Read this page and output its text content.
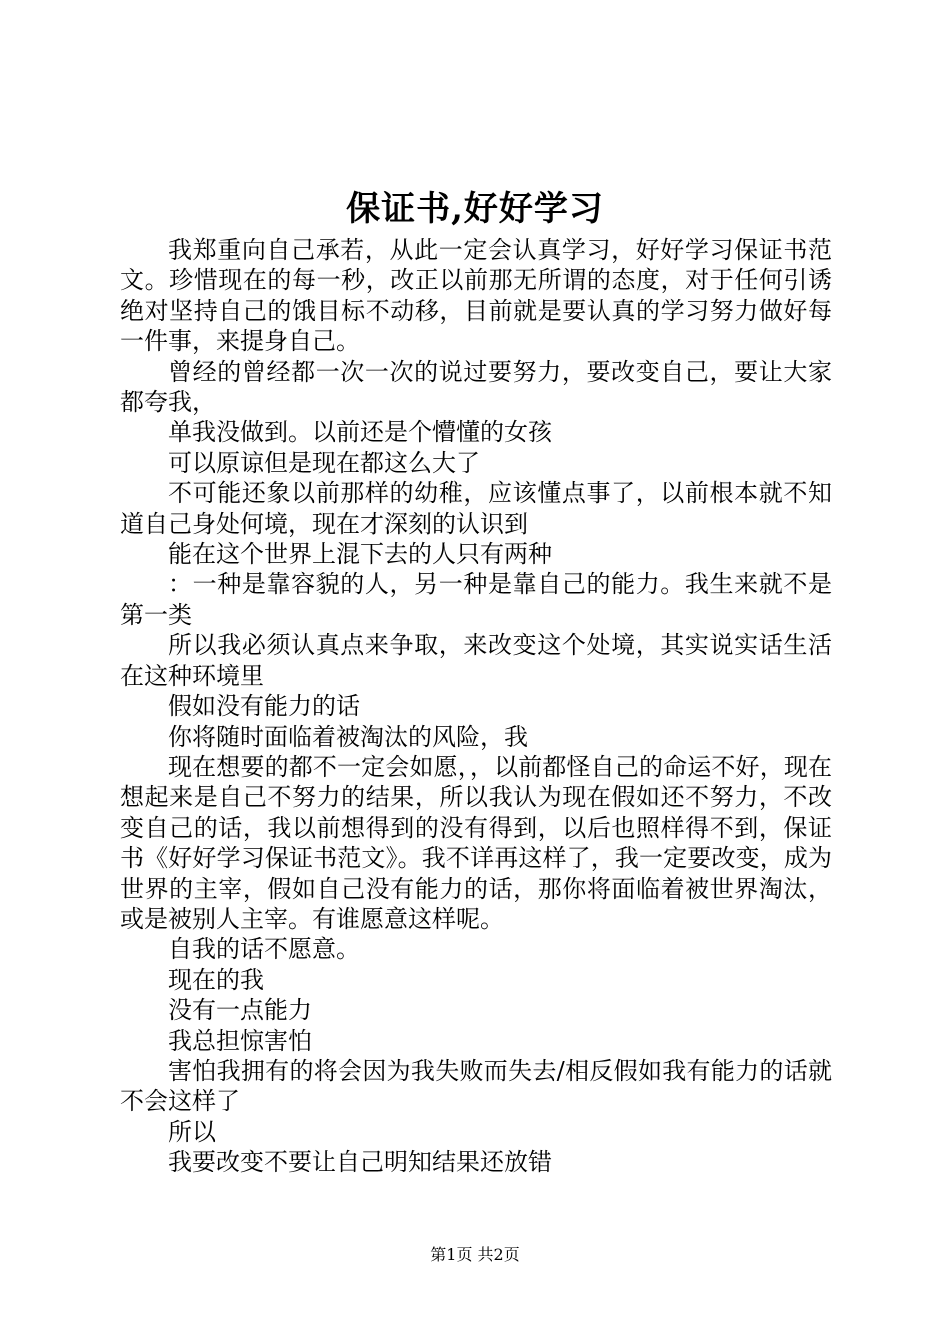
保证书,好好学习

我郑重向自己承若，从此一定会认真学习，好好学习保证书范文。珍惜现在的每一秒，改正以前那无所谓的态度，对于任何引诱绝对坚持自己的饿目标不动移，目前就是要认真的学习努力做好每一件事，来提身自己。

曾经的曾经都一次一次的说过要努力，要改变自己，要让大家都夸我，

单我没做到。以前还是个懵懂的女孩

可以原谅但是现在都这么大了

不可能还象以前那样的幼稚，应该懂点事了，以前根本就不知道自己身处何境，现在才深刻的认识到

能在这个世界上混下去的人只有两种

：一种是靠容貌的人，另一种是靠自己的能力。我生来就不是第一类

所以我必须认真点来争取，来改变这个处境，其实说实话生活在这种环境里

假如没有能力的话

你将随时面临着被淘汰的风险，我

现在想要的都不一定会如愿，，以前都怪自己的命运不好，现在想起来是自己不努力的结果，所以我认为现在假如还不努力，不改变自己的话，我以前想得到的没有得到，以后也照样得不到，保证书《好好学习保证书范文》。我不详再这样了，我一定要改变，成为世界的主宰，假如自己没有能力的话，那你将面临着被世界淘汰，或是被别人主宰。有谁愿意这样呢。

自我的话不愿意。

现在的我

没有一点能力

我总担惊害怕

害怕我拥有的将会因为我失败而失去/相反假如我有能力的话就不会这样了

所以

我要改变不要让自己明知结果还放错

第1页 共2页
